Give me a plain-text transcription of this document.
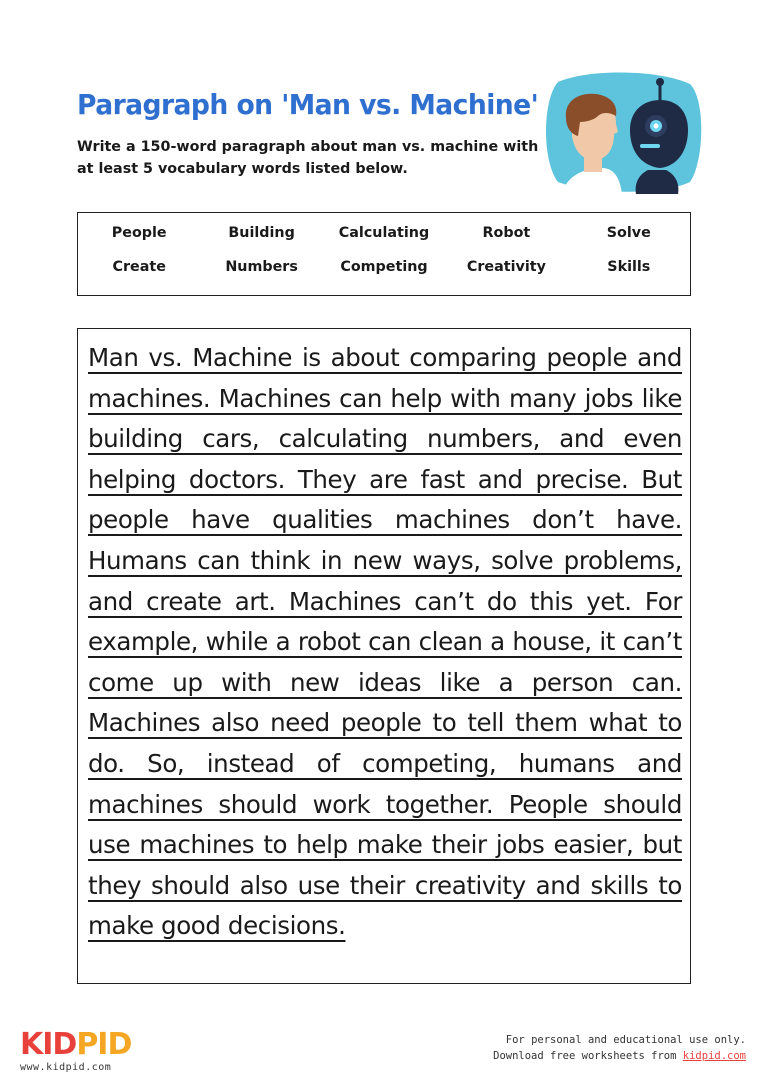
Paragraph on 'Man vs. Machine'
Write a 150-word paragraph about man vs. machine with at least 5 vocabulary words listed below.
People	Building	Calculating	Robot	Solve
Create	Numbers	Competing	Creativity	Skills
Man vs. Machine is about comparing people and machines. Machines can help with many jobs like building cars, calculating numbers, and even helping doctors. They are fast and precise. But people have qualities machines don’t have. Humans can think in new ways, solve problems, and create art. Machines can’t do this yet. For example, while a robot can clean a house, it can’t come up with new ideas like a person can. Machines also need people to tell them what to do. So, instead of competing, humans and machines should work together. People should use machines to help make their jobs easier, but they should also use their creativity and skills to make good decisions.
KIDPID
www.kidpid.com
For personal and educational use only.
Download free worksheets from kidpid.com
